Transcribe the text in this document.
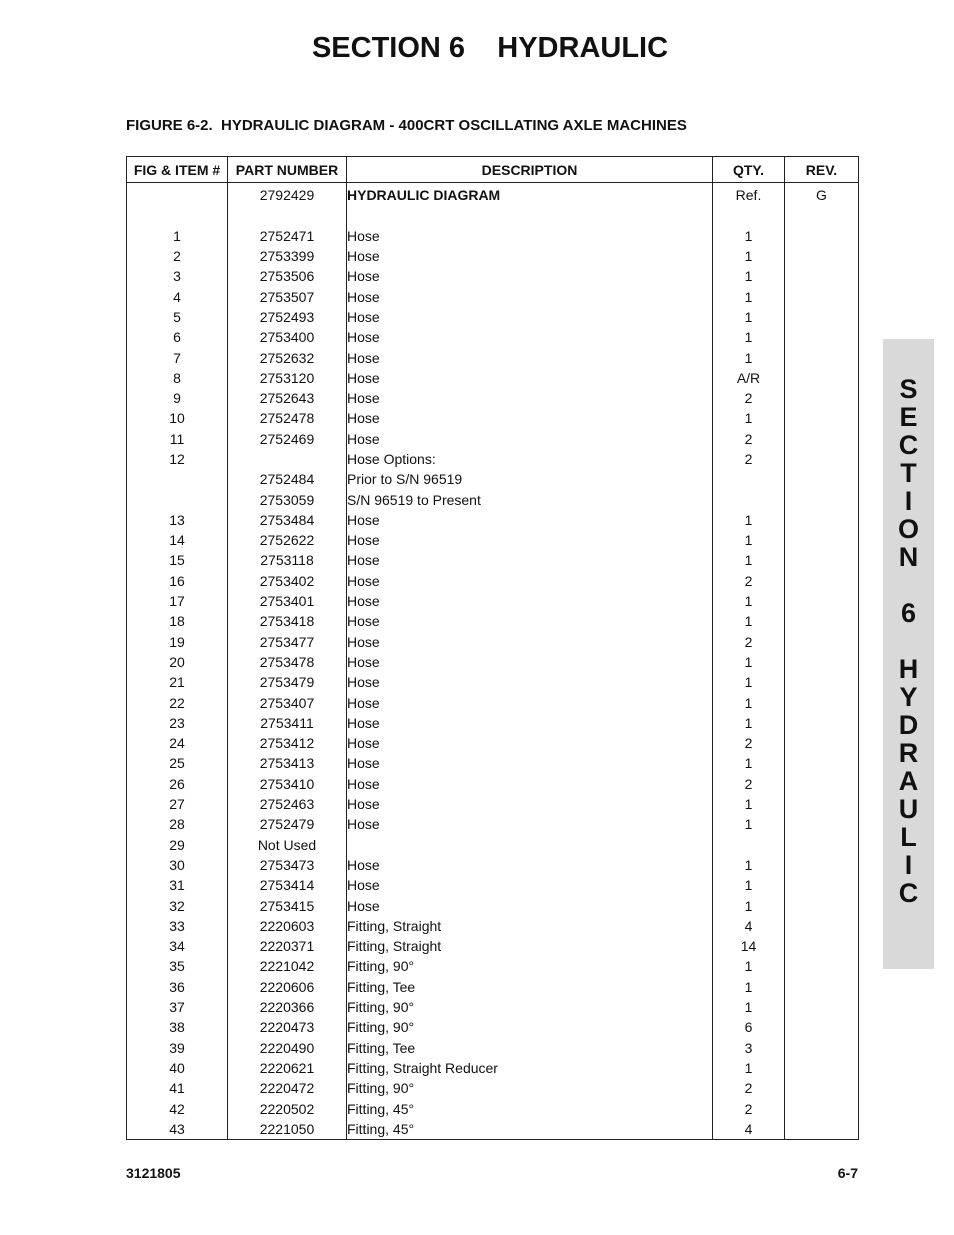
SECTION 6    HYDRAULIC
FIGURE 6-2.  HYDRAULIC DIAGRAM - 400CRT OSCILLATING AXLE MACHINES
FIG & ITEM #	PART NUMBER	DESCRIPTION	QTY.	REV.
	2792429	HYDRAULIC DIAGRAM	Ref.	G

1	2752471	Hose	1	
2	2753399	Hose	1	
3	2753506	Hose	1	
4	2753507	Hose	1	
5	2752493	Hose	1	
6	2753400	Hose	1	
7	2752632	Hose	1	
8	2753120	Hose	A/R	
9	2752643	Hose	2	
10	2752478	Hose	1	
11	2752469	Hose	2	
12		Hose Options:	2	
	2752484	Prior to S/N 96519		
	2753059	S/N 96519 to Present		
13	2753484	Hose	1	
14	2752622	Hose	1	
15	2753118	Hose	1	
16	2753402	Hose	2	
17	2753401	Hose	1	
18	2753418	Hose	1	
19	2753477	Hose	2	
20	2753478	Hose	1	
21	2753479	Hose	1	
22	2753407	Hose	1	
23	2753411	Hose	1	
24	2753412	Hose	2	
25	2753413	Hose	1	
26	2753410	Hose	2	
27	2752463	Hose	1	
28	2752479	Hose	1	
29	Not Used			
30	2753473	Hose	1	
31	2753414	Hose	1	
32	2753415	Hose	1	
33	2220603	Fitting, Straight	4	
34	2220371	Fitting, Straight	14	
35	2221042	Fitting, 90°	1	
36	2220606	Fitting, Tee	1	
37	2220366	Fitting, 90°	1	
38	2220473	Fitting, 90°	6	
39	2220490	Fitting, Tee	3	
40	2220621	Fitting, Straight Reducer	1	
41	2220472	Fitting, 90°	2	
42	2220502	Fitting, 45°	2	
43	2221050	Fitting, 45°	4	
S
E
C
T
I
O
N
6
H
Y
D
R
A
U
L
I
C
3121805	6-7
